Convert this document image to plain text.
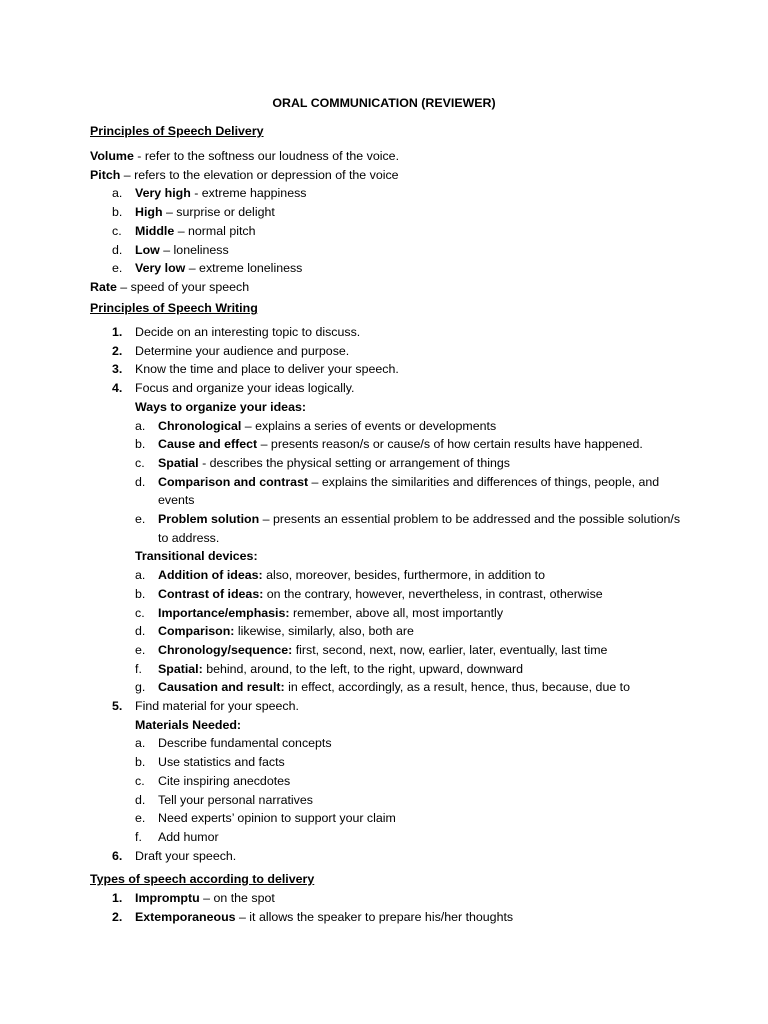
ORAL COMMUNICATION (REVIEWER)
Principles of Speech Delivery
Volume - refer to the softness our loudness of the voice.
Pitch – refers to the elevation or depression of the voice
a.	Very high - extreme happiness
b.	High – surprise or delight
c.	Middle – normal pitch
d.	Low – loneliness
e.	Very low – extreme loneliness
Rate – speed of your speech
Principles of Speech Writing
1.	Decide on an interesting topic to discuss.
2.	Determine your audience and purpose.
3.	Know the time and place to deliver your speech.
4.	Focus and organize your ideas logically.
Ways to organize your ideas:
a.	Chronological – explains a series of events or developments
b.	Cause and effect – presents reason/s or cause/s of how certain results have happened.
c.	Spatial - describes the physical setting or arrangement of things
d.	Comparison and contrast – explains the similarities and differences of things, people, and events
e.	Problem solution – presents an essential problem to be addressed and the possible solution/s to address.
Transitional devices:
a.	Addition of ideas: also, moreover, besides, furthermore, in addition to
b.	Contrast of ideas: on the contrary, however, nevertheless, in contrast, otherwise
c.	Importance/emphasis: remember, above all, most importantly
d.	Comparison: likewise, similarly, also, both are
e.	Chronology/sequence: first, second, next, now, earlier, later, eventually, last time
f.	Spatial: behind, around, to the left, to the right, upward, downward
g.	Causation and result: in effect, accordingly, as a result, hence, thus, because, due to
5.	Find material for your speech.
Materials Needed:
a.	Describe fundamental concepts
b.	Use statistics and facts
c.	Cite inspiring anecdotes
d.	Tell your personal narratives
e.	Need experts’ opinion to support your claim
f.	Add humor
6.	Draft your speech.
Types of speech according to delivery
1.	Impromptu – on the spot
2.	Extemporaneous – it allows the speaker to prepare his/her thoughts
